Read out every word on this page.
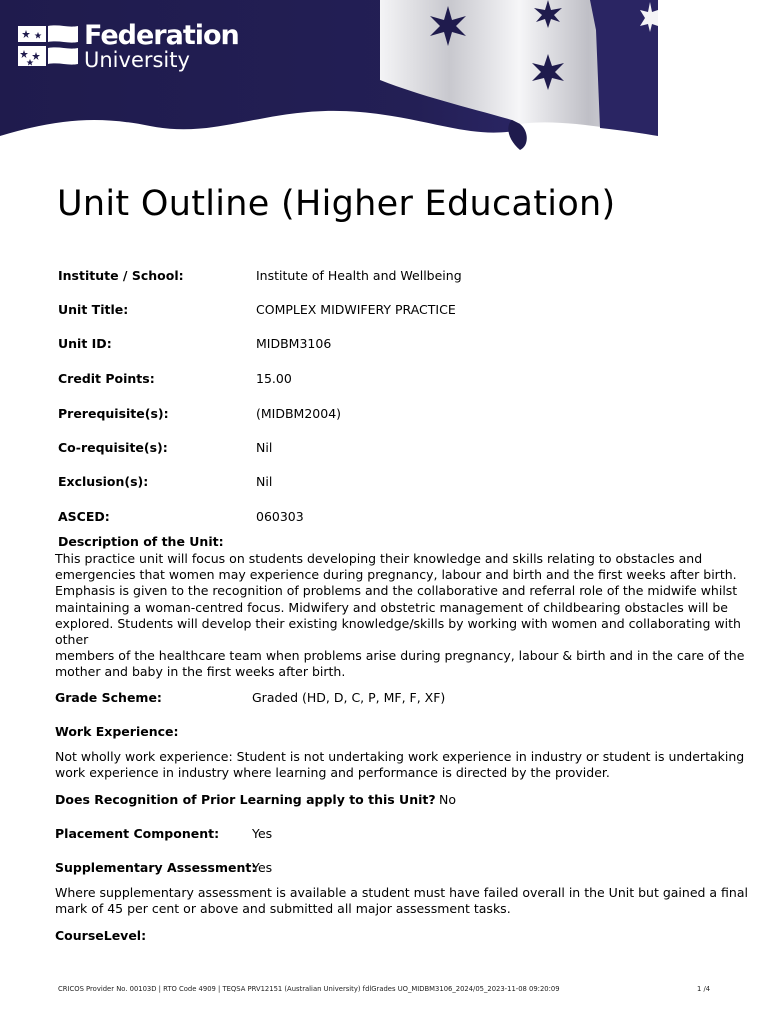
Federation
University
Unit Outline (Higher Education)
Institute / School:	Institute of Health and Wellbeing
Unit Title:	COMPLEX MIDWIFERY PRACTICE
Unit ID:	MIDBM3106
Credit Points:	15.00
Prerequisite(s):	(MIDBM2004)
Co-requisite(s):	Nil
Exclusion(s):	Nil
ASCED:	060303
Description of the Unit:
This practice unit will focus on students developing their knowledge and skills relating to obstacles and
emergencies that women may experience during pregnancy, labour and birth and the first weeks after birth.
Emphasis is given to the recognition of problems and the collaborative and referral role of the midwife whilst
maintaining a woman-centred focus. Midwifery and obstetric management of childbearing obstacles will be
explored. Students will develop their existing knowledge/skills by working with women and collaborating with
other
members of the healthcare team when problems arise during pregnancy, labour & birth and in the care of the
mother and baby in the first weeks after birth.
Grade Scheme:	Graded (HD, D, C, P, MF, F, XF)
Work Experience:
Not wholly work experience: Student is not undertaking work experience in industry or student is undertaking
work experience in industry where learning and performance is directed by the provider.
Does Recognition of Prior Learning apply to this Unit? No
Placement Component:	Yes
Supplementary Assessment:
Yes
Where supplementary assessment is available a student must have failed overall in the Unit but gained a final
mark of 45 per cent or above and submitted all major assessment tasks.
CourseLevel:
CRICOS Provider No. 00103D | RTO Code 4909 | TEQSA PRV12151 (Australian University) fdlGrades UO_MIDBM3106_2024/05_2023-11-08 09:20:09	1 /4
